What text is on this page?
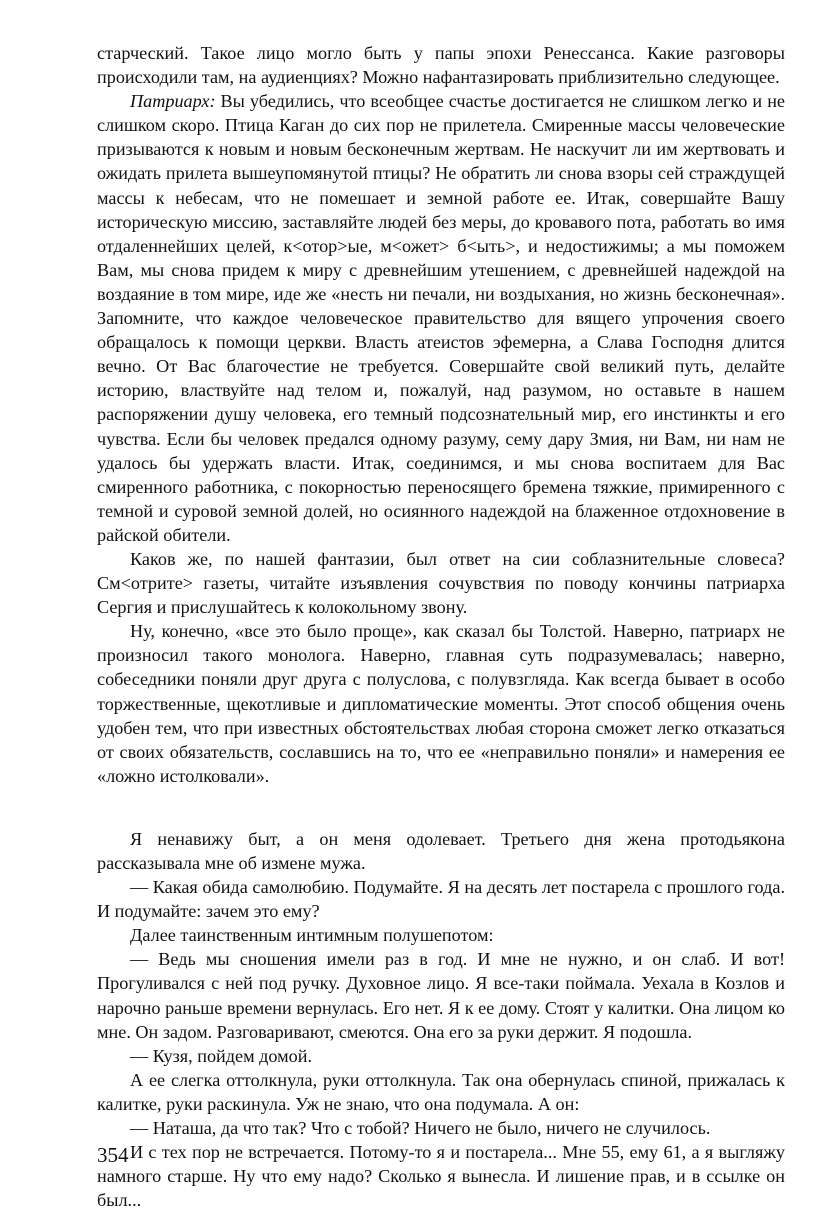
старческий. Такое лицо могло быть у папы эпохи Ренессанса. Какие разговоры происходили там, на аудиенциях? Можно нафантазировать приблизительно следующее.

Патриарх: Вы убедились, что всеобщее счастье достигается не слишком легко и не слишком скоро. Птица Каган до сих пор не прилетела. Смиренные массы человеческие призываются к новым и новым бесконечным жертвам. Не наскучит ли им жертвовать и ожидать прилета вышеупомянутой птицы? Не обратить ли снова взоры сей страждущей массы к небесам, что не помешает и земной работе ее. Итак, совершайте Вашу историческую миссию, заставляйте людей без меры, до кровавого пота, работать во имя отдаленнейших целей, к<отор>ые, м<ожет> б<ыть>, и недостижимы; а мы поможем Вам, мы снова придем к миру с древнейшим утешением, с древнейшей надеждой на воздаяние в том мире, иде же «несть ни печали, ни воздыхания, но жизнь бесконечная». Запомните, что каждое человеческое правительство для вящего упрочения своего обращалось к помощи церкви. Власть атеистов эфемерна, а Слава Господня длится вечно. От Вас благочестие не требуется. Совершайте свой великий путь, делайте историю, властвуйте над телом и, пожалуй, над разумом, но оставьте в нашем распоряжении душу человека, его темный подсознательный мир, его инстинкты и его чувства. Если бы человек предался одному разуму, сему дару Змия, ни Вам, ни нам не удалось бы удержать власти. Итак, соединимся, и мы снова воспитаем для Вас смиренного работника, с покорностью переносящего бремена тяжкие, примиренного с темной и суровой земной долей, но осиянного надеждой на блаженное отдохновение в райской обители.

Каков же, по нашей фантазии, был ответ на сии соблазнительные словеса? См<отрите> газеты, читайте изъявления сочувствия по поводу кончины патриарха Сергия и прислушайтесь к колокольному звону.

Ну, конечно, «все это было проще», как сказал бы Толстой. Наверно, патриарх не произносил такого монолога. Наверно, главная суть подразумевалась; наверно, собеседники поняли друг друга с полуслова, с полувзгляда. Как всегда бывает в особо торжественные, щекотливые и дипломатические моменты. Этот способ общения очень удобен тем, что при известных обстоятельствах любая сторона сможет легко отказаться от своих обязательств, сославшись на то, что ее «неправильно поняли» и намерения ее «ложно истолковали».

Я ненавижу быт, а он меня одолевает. Третьего дня жена протодьякона рассказывала мне об измене мужа.

— Какая обида самолюбию. Подумайте. Я на десять лет постарела с прошлого года. И подумайте: зачем это ему?

Далее таинственным интимным полушепотом:

— Ведь мы сношения имели раз в год. И мне не нужно, и он слаб. И вот! Прогуливался с ней под ручку. Духовное лицо. Я все-таки поймала. Уехала в Козлов и нарочно раньше времени вернулась. Его нет. Я к ее дому. Стоят у калитки. Она лицом ко мне. Он задом. Разговаривают, смеются. Она его за руки держит. Я подошла.

— Кузя, пойдем домой.

А ее слегка оттолкнула, руки оттолкнула. Так она обернулась спиной, прижалась к калитке, руки раскинула. Уж не знаю, что она подумала. А он:

— Наташа, да что так? Что с тобой? Ничего не было, ничего не случилось.

И с тех пор не встречается. Потому-то я и постарела... Мне 55, ему 61, а я выгляжу намного старше. Ну что ему надо? Сколько я вынесла. И лишение прав, и в ссылке он был...

354
